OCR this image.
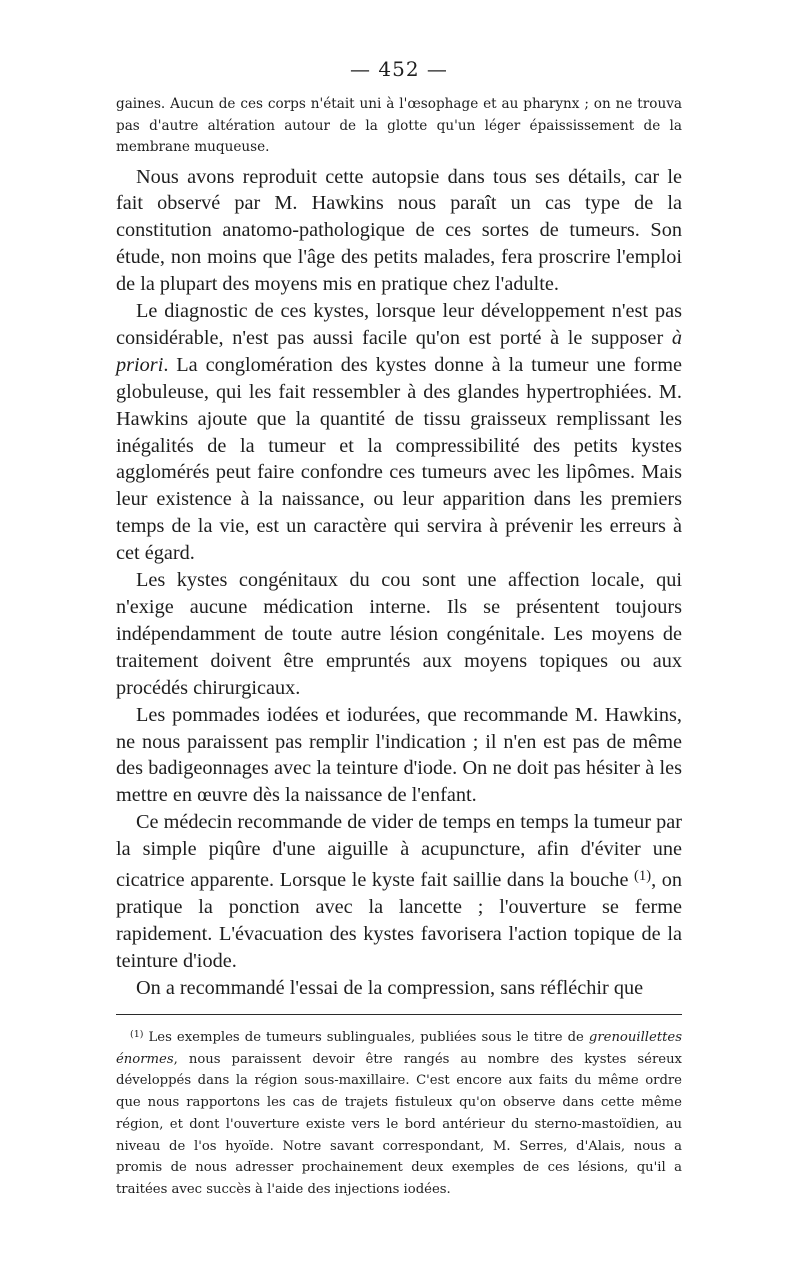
— 452 —

gaines. Aucun de ces corps n'était uni à l'œsophage et au pharynx ; on ne trouva pas d'autre altération autour de la glotte qu'un léger épaississement de la membrane muqueuse.

Nous avons reproduit cette autopsie dans tous ses détails, car le fait observé par M. Hawkins nous paraît un cas type de la constitution anatomo-pathologique de ces sortes de tumeurs. Son étude, non moins que l'âge des petits malades, fera proscrire l'emploi de la plupart des moyens mis en pratique chez l'adulte.

Le diagnostic de ces kystes, lorsque leur développement n'est pas considérable, n'est pas aussi facile qu'on est porté à le supposer à priori. La conglomération des kystes donne à la tumeur une forme globuleuse, qui les fait ressembler à des glandes hypertrophiées. M. Hawkins ajoute que la quantité de tissu graisseux remplissant les inégalités de la tumeur et la compressibilité des petits kystes agglomérés peut faire confondre ces tumeurs avec les lipômes. Mais leur existence à la naissance, ou leur apparition dans les premiers temps de la vie, est un caractère qui servira à prévenir les erreurs à cet égard.

Les kystes congénitaux du cou sont une affection locale, qui n'exige aucune médication interne. Ils se présentent toujours indépendamment de toute autre lésion congénitale. Les moyens de traitement doivent être empruntés aux moyens topiques ou aux procédés chirurgicaux.

Les pommades iodées et iodurées, que recommande M. Hawkins, ne nous paraissent pas remplir l'indication ; il n'en est pas de même des badigeonnages avec la teinture d'iode. On ne doit pas hésiter à les mettre en œuvre dès la naissance de l'enfant.

Ce médecin recommande de vider de temps en temps la tumeur par la simple piqûre d'une aiguille à acupuncture, afin d'éviter une cicatrice apparente. Lorsque le kyste fait saillie dans la bouche $^{(1)}$, on pratique la ponction avec la lancette ; l'ouverture se ferme rapidement. L'évacuation des kystes favorisera l'action topique de la teinture d'iode.

On a recommandé l'essai de la compression, sans réfléchir que

$^{(1)}$ Les exemples de tumeurs sublinguales, publiées sous le titre de grenouillettes énormes, nous paraissent devoir être rangés au nombre des kystes séreux développés dans la région sous-maxillaire. C'est encore aux faits du même ordre que nous rapportons les cas de trajets fistuleux qu'on observe dans cette même région, et dont l'ouverture existe vers le bord antérieur du sterno-mastoïdien, au niveau de l'os hyoïde. Notre savant correspondant, M. Serres, d'Alais, nous a promis de nous adresser prochainement deux exemples de ces lésions, qu'il a traitées avec succès à l'aide des injections iodées.
